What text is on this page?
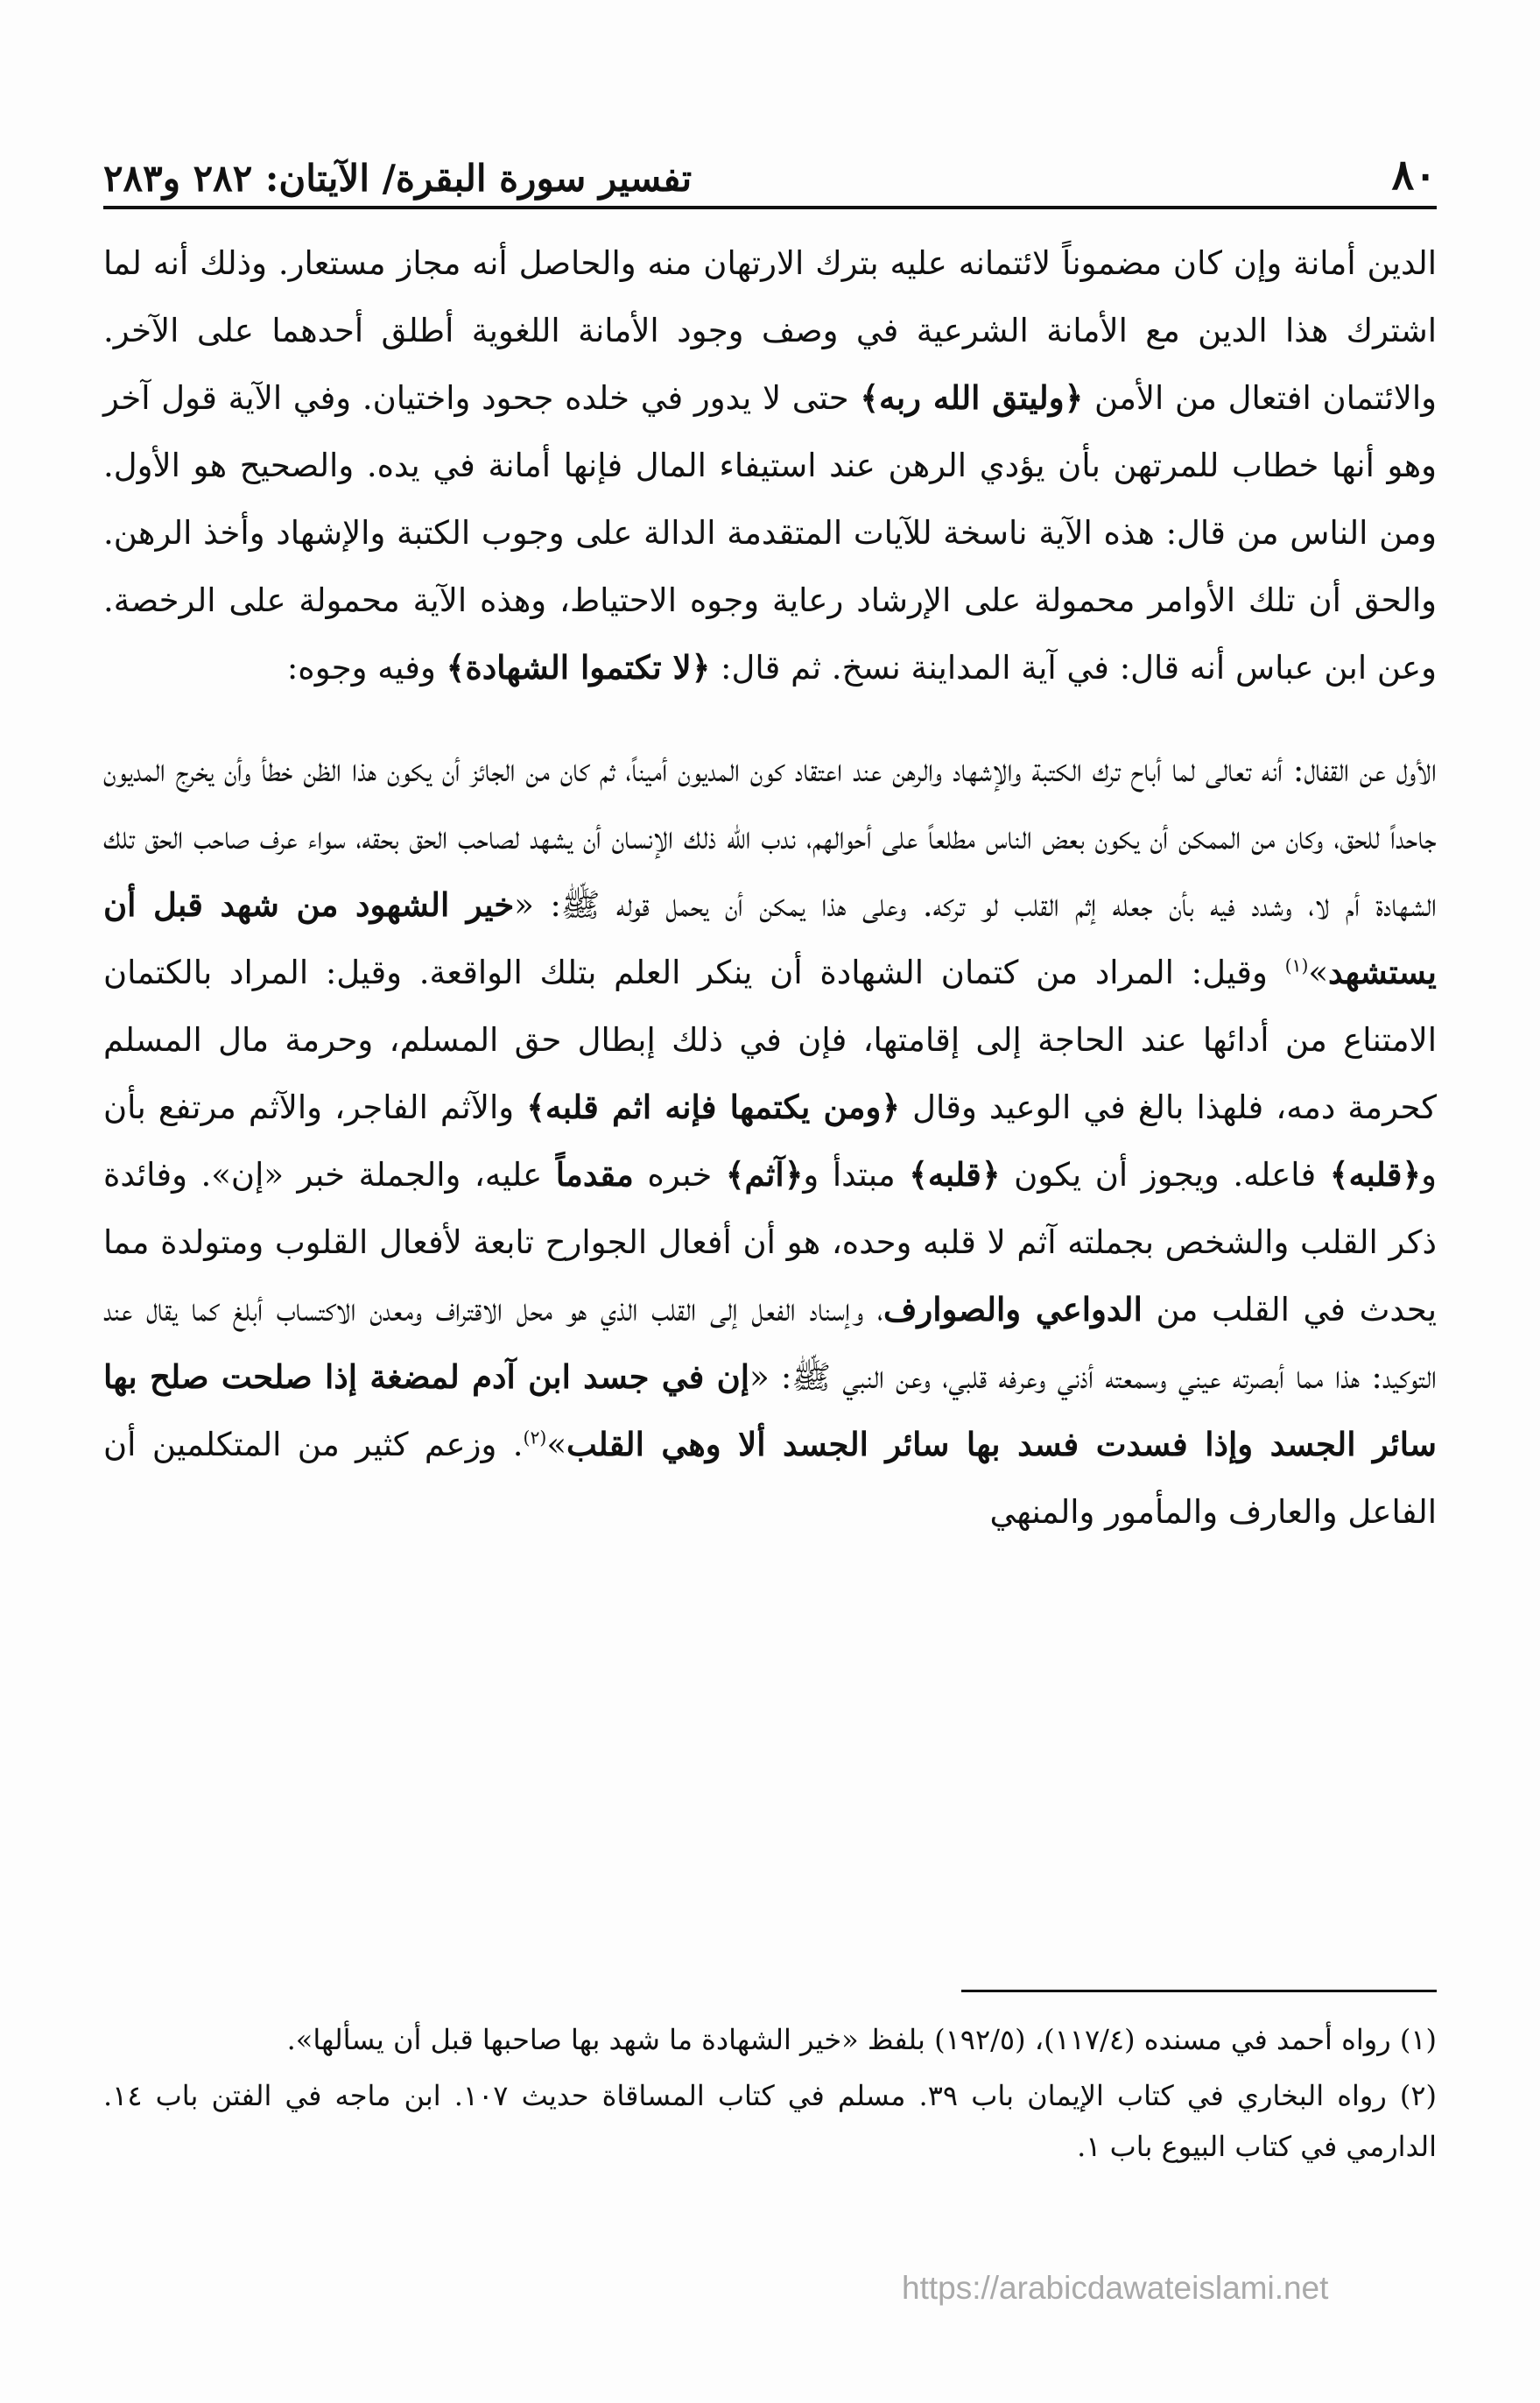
٨٠
تفسير سورة البقرة/ الآيتان: ٢٨٢ و٢٨٣

الدين أمانة وإن كان مضموناً لائتمانه عليه بترك الارتهان منه والحاصل أنه مجاز مستعار. وذلك أنه لما اشترك هذا الدين مع الأمانة الشرعية في وصف وجود الأمانة اللغوية أطلق أحدهما على الآخر. والائتمان افتعال من الأمن ﴿وليتق الله ربه﴾ حتى لا يدور في خلده جحود واختيان. وفي الآية قول آخر وهو أنها خطاب للمرتهن بأن يؤدي الرهن عند استيفاء المال فإنها أمانة في يده. والصحيح هو الأول. ومن الناس من قال: هذه الآية ناسخة للآيات المتقدمة الدالة على وجوب الكتبة والإشهاد وأخذ الرهن. والحق أن تلك الأوامر محمولة على الإرشاد رعاية وجوه الاحتياط، وهذه الآية محمولة على الرخصة. وعن ابن عباس أنه قال: في آية المداينة نسخ. ثم قال: ﴿لا تكتموا الشهادة﴾ وفيه وجوه:

الأول عن القفال: أنه تعالى لما أباح ترك الكتبة والإشهاد والرهن عند اعتقاد كون المديون أميناً، ثم كان من الجائز أن يكون هذا الظن خطأ وأن يخرج المديون جاحداً للحق، وكان من الممكن أن يكون بعض الناس مطلعاً على أحوالهم، ندب الله ذلك الإنسان أن يشهد لصاحب الحق بحقه، سواء عرف صاحب الحق تلك الشهادة أم لا، وشدد فيه بأن جعله إثم القلب لو تركه. وعلى هذا يمكن أن يحمل قوله ﷺ: «خير الشهود من شهد قبل أن يستشهد»$^{(١)}$ وقيل: المراد من كتمان الشهادة أن ينكر العلم بتلك الواقعة. وقيل: المراد بالكتمان الامتناع من أدائها عند الحاجة إلى إقامتها، فإن في ذلك إبطال حق المسلم، وحرمة مال المسلم كحرمة دمه، فلهذا بالغ في الوعيد وقال ﴿ومن يكتمها فإنه اثم قلبه﴾ والآثم الفاجر، والآثم مرتفع بأن و﴿قلبه﴾ فاعله. ويجوز أن يكون ﴿قلبه﴾ مبتدأ و﴿آثم﴾ خبره مقدماً عليه، والجملة خبر «إن». وفائدة ذكر القلب والشخص بجملته آثم لا قلبه وحده، هو أن أفعال الجوارح تابعة لأفعال القلوب ومتولدة مما يحدث في القلب من الدواعي والصوارف، وإسناد الفعل إلى القلب الذي هو محل الاقتراف ومعدن الاكتساب أبلغ كما يقال عند التوكيد: هذا مما أبصرته عيني وسمعته أذني وعرفه قلبي، وعن النبي ﷺ: «إن في جسد ابن آدم لمضغة إذا صلحت صلح بها سائر الجسد وإذا فسدت فسد بها سائر الجسد ألا وهي القلب»$^{(٢)}$. وزعم كثير من المتكلمين أن الفاعل والعارف والمأمور والمنهي

(١) رواه أحمد في مسنده (١١٧/٤)، (١٩٢/٥) بلفظ «خير الشهادة ما شهد بها صاحبها قبل أن يسألها».

(٢) رواه البخاري في كتاب الإيمان باب ٣٩. مسلم في كتاب المساقاة حديث ١٠٧. ابن ماجه في الفتن باب ١٤. الدارمي في كتاب البيوع باب ١.

https://arabicdawateislami.net
